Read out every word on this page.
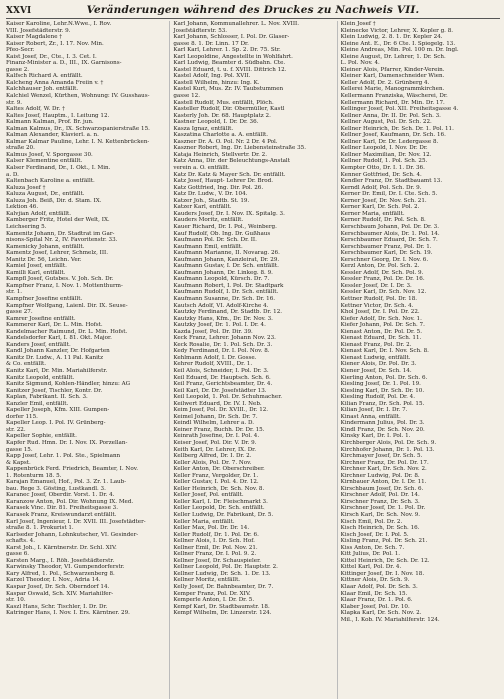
XXVI	Veränderungen während des Druckes zu Nachweis VII.
Kaiser Karoline, Lehr.N.Wwe., I. Rov.
VIII. Josefstädterstr. 9.
Kaiser Magdalene †
Kaiser Robert, Zr., I. 17. Nov. Min.
Pfeo-Secr.
Kaist Josef, Dr., Cte., I. 3. Cet. I.
Finanz-Minister a. D., III., IX. Garnisons-
gasse 2.
Kalfsch Richard A. entfällt.
Kalcheng Anna Amanda Freiin v. †
Kalchhauser Joh. entfällt.
Kalchiel Wenzel, Kürthen, Wohnung: IV. Gusshaus-
str. 9.
Kaltes Adolf, W. Dr. †
Kaltes Josef, Hauptm., I. Leitung 12.
Kalmann Kalman, Prof. Br. jun.
Kalman Kalmus, Dr., IX. Schwarzspanierstraße 15.
Kalman Alexander, Klavierl. a. n.
Kalmar Kalmar Pauline, Lehr. I. N. Kettenbrücken-
straße 20.
Kalmus Josef, V. Sporgasse 30.
Kalser Klementine entfällt.
Kalser Ferdinand, Dr., I. Okt., I. Min.
a. D.
Kaltenbach Karoline a. entfällt.
Kaluza Josef †
Kaluza August, Dr., entfällt.
Kaluza Joh. Beiß, Dir. d. Stam. IX.
Lektion 46.
Kalvjian Adolf, entfällt.
Kamberger Fritz, Hotel der Welt, IX.
Leichsering 5.
Kamenitz Johann, Dr. Stadtrat im Gar-
nisons-Spital Nr. 2, IV. Favoritenstr. 33.
Kamenicky Johann, entfällt.
Kamentz Josef, Lehrer, Schmelz, III.
Manitz Dr. 56, Leichn. Ver.
Kamiel Josef, entfällt.
Kamilli Karl, entfällt.
Kampfl Josef, Gutsbes. V. Joh. Sch. Dr.
Kampfner Franz, I. Nov. 1. Mottenthurm-
str. 1.
Kampfner Josefine entfällt.
Kampfner Wolfgang, Laienl. Dir. IX. Seuse-
gasse 27.
Kamrer Josefine entfällt.
Kammerer Karl, Dr. L. Min. Hofst.
Kandelmacher Raimund, Dr. L. Min. Hofst.
Kandelsdorfer Karl, I. 81. Okt. Major.
Kanders Josef, entfällt.
Kandl Johann Kanzler, Dr. Hofgarten
Kanitz Dr. Ludw., A. 11 Pal. Kanitz
& Co. entfällt.
Kanitz Karl, Dr. Min. Mariahilferstr.
Kanitz Leopold, entfällt.
Kanitz Sigmund, Kohlen-Händler, hinzu: AG
Kanitzer Josef, Tischler, Kontr. Dr.
Kaplan, Fabrikant. II. Sch. 3.
Kanzler Emil, entfällt.
Kapeller Joseph, Kfm. XIII. Gumpen-
dorfer 115.
Kapeller Leop. I. Pol. IV. Grünberg-
str. 22.
Kapeller Sophie, entfällt.
Kapfer Rud. Hmn. Dr. I. Nov. IX. Porzellan-
gasse 15.
Kapp Josef, Lehr. 1. Pol. Ste., Spielmann
& Kapst.
Kappenbrück Ferd. Friedrich, Beamter, I. Nov.
1. Rotenturm 18. 5.
Karajan Emanuel, Hof., Pol. 3. Zr. 1. Laub-
bau. Rege 3. Gösting, Lustkandl. 3.
Karanec Josef, Oberdir. Vorst. 1. Dr. 4.
Karanzow Anton, Pol. Dir. Wohnung IX. Med.
Karasek Vinc. Dir. 81. Freiheitsgasse 3.
Karasek Franz, Kreiswundarzt entfällt.
Karl Josef, Ingenieur, I. Dr. XVII. III. Josefstädter-
straße 8. 1. Prokurist 1.
Karlseder Johann, Lohnkutscher, VI. Gesinder-
schafts. 4.
Karst Joh., I. Kärntnerstr. Dr. Schl. XIV.
gasse 6.
Karsten Marg., I. Röh. Josefstädterstr.
Karwinsky Theodor, VI. Gumpendorferstr.
Kary Alfred, 1. Pol., Schwarzenberg 8.
Karzel Theodor, I. Nov., Adria 14.
Kaspar Josef, Dr. Sch. Oberndorf 14.
Kaspar Oswald, Sch. XIV. Mariahilfer-
str. 10.
Kaszl Hans, Schr. Tischler, I. Dr. Dr.
Katringer Hans, I. Nov. I. Ers. Kärntner. 29.
Karl Johann, Kommunallehrer. L. Nov. XVIII.
Josefstädterstr. 53.
Karl Johann, Schlosser, I. Pol. Dr. Glaser-
gasse 8. 1. Dr. Linn. 17 Dr.
Karl Karl, Lehrer. 1. Sp. 2. Dr. 75. Str.
Karl Leopoldine, Angestellte in Wohlfahrt.
Karl Ludwig, Beamter d. Südbahn. Cte.
Kastel Eduard, t. u. f. XVIII. Dittrich 12.
Kastel Adolf, Ing. Pol. XVII.
Kastell Wilhelm, hinzu: Ing. K.
Kastel Kurt, Mus. Zr. IV. Taubstummen
gasse 12.
Kastell Rudolf, Mus. entfällt, Plöch.
Kasteller Rudolf, Dir. Obermüller, Kastl
Kasterly Joh. Dr. 68. Hauptplatz 2.
Kastner Leopold, I. Dr. Dr. 36.
Kasza Ignaz, entfällt.
Kaszatina Charlotte a. A. entfällt.
Kaszner Dr. A. O. Pol. Nr. 2 Dr. 4 Pol.
Kaszner Robert, Ing. Dr. Liebensteinstraße 35.
Kataja Heinrich, Stellvertr. Dr. 2.
Katz Anna, Dir. der Beleuchtungs-Anstalt
verein a. O. entfällt.
Katz Dr. Katz & Mayer Sch. Dr. entfällt.
Katz Josef, Haupt- Lehrer Dr. Brod.
Katz Gottfried, Ing. Dir. Pol. 26.
Katz Dr. Ludw., V. Dr. 104.
Katzer Joh., Stadtb. St. 19.
Katzer Karl, entfällt.
Kauders Josef, Dr. I. Nov. IX. Spitalg. 3.
Kauders Moritz, entfällt.
Kauer Richard, Dr. I. Pol., Weinberg.
Kauf Rudolf, Ob. Ing. Dr. Gußhaus
Kaufmann Pol. Dr. Sch. Dr. II.
Kaufmann Emil, entfällt.
Kaufmann Marianne, II. Novarag. 26.
Kaufmann Johann, Kanzleirat, Dr. 29.
Kaufmann Gustav, I. Dr. Sch. entfällt.
Kaufmann Johann, Dr. Linkeg. 8. 9.
Kaufmann Leopold, Kürsch. Dr. 7.
Kaufmann Robert, I. Pol. Dr. Stadtpark
Kaufmann Rudolf, I. Dr. Sch. entfällt.
Kaufmann Susanne, Dr. Sch. Dr. 16.
Kautsch Adolf, VI. Adolf-Kirche 4.
Kautzky Ferdinand, Dr. Stadtb. Dr. 12.
Kautzky Hans, Kfm., Dr. Dr. Nov. 3.
Kautzky Josef, Dr. 1. Pol. I. Dr. 4.
Kazda Josef, Pol. Dr. Dir. 39.
Keck Franz, Lehrer. Johann Nov. 23.
Keck Rosalie, Dr. 1. Pol. Sch. Dr. 3.
Kedy Ferdinand, Dr. I. Pol. Nov. 8.
Kehlmann Adolf, I. Dr. Gosse.
Kehrer Rudolf, XVIII., Dr. 1.
Keil Alois, Schneider, I. Pol. Dr. 3.
Keil Eduard, Dr. Hauptsch. Sch. 6.
Keil Franz, Gerichtsbeamter, Dr. 4.
Keil Karl, Dr. Dr. Josefstädter 13.
Keil Leopold, 1. Pol. Dr. Schuhmacher.
Keilwert Eduard, Dr. IV. I. Neb.
Keim Josef, Pol. Dr. XVIII., Dr. 12.
Keimel Johann, Dr. Sch. Dr. 7.
Keindl Wilhelm, Lehrer a. D.
Keiner Franz, Buchh. Dr. Dr. 15.
Keinrath Josefine, Dr. I. Pol. 4.
Keiser Josef, Pol. Dir. V. Dr. 9.
Keith Karl, Dr. Lehrer, IX. Dr.
Kellberg Alfred, Dr. I. Dr. 2.
Keller Alois, Pol. Dr. 7. Nov.
Keller Anton, Dr. Oberschreiber.
Keller Franz, Vergolder, Dr. 1.
Keller Gustav, I. Pol. 4. Dr. 12.
Keller Heinrich, Dr. Sch. Nov. 8.
Keller Josef, Pol. entfällt.
Keller Karl, I. Dr. Fleischmarkt 3.
Keller Leopold, Dr. Sch. entfällt.
Keller Ludwig, Dr. Fabrikant, Dr. 5.
Keller Maria, entfällt.
Keller Max, Pol. Dr. Dr. 14.
Keller Rudolf, Dr. 1. Pol. Dr. 6.
Kellner Alois, I. Dr. Sch. Hof.
Kellner Emil, Dr. Pol. Nov. 21.
Kellner Franz, Dr. I. Pol. 9. 2.
Kellner Josef, Dr. Schauspieler.
Kellner Leopold, Pol. Dr. Hauptstr. 2.
Kellner Ludwig, Dr. Sch. 1. Dr. 13.
Kellner Moritz, entfällt.
Kelly Josef, Dr. Bahnbeamter, Dr. 7.
Kemper Franz, Pol. Dr. XIV.
Kemperle Anton, I. Dr. Dr. 5.
Kempf Karl, Dr. Stadtbaumstr. 18.
Kempf Wilhelm, Dr. Linzerstr. 124.
Klein Josef †
Kleinecke Victor, Lehrer, X. Kepler g. 8.
Klein Ludwig, 2. 8. 1. Dr. Kepler 24.
Kleine Ant. E., Dr. 6 Cte. I. Spiegelg. 13.
Kleine Andreas, Min. Pol. 100 m. Dr. Ingl.
Kleine August, Dr. Lehrer, 1. Dr. Sch.
L. Pol. Nov. 4.
Kleiner Alois, Pfarrer, Kinder-Verein.
Kleiner Karl, Damenschneider Wien.
Keller Adolf, Dr. 2. Grünberg 4.
Kellerei Marie, Manogrammkirchen.
Kellermann Franziska, Wäscherei, Dr.
Kellermann Richard, Dr. Min. Dr. 17.
Kellinger Josef, Pol. XII. Freiheitsgasse 4.
Kellner Anna, Dr. II. Dr. Pol. Sch. 3.
Kellner August, Pol. Dr. Sch. 22.
Kellner Heinrich, Dr. Sch. Dr. 1. Pol. 11.
Kellner Josef, Kaufmann, Dr. Sch. 16.
Kellner Karl, Dr. Dr. Ledergasse 8.
Kellner Leopold, I. Nov. Dr. Dr.
Kellner Maximilian, Dr. Nov. 12.
Kellner Rudolf, 1. Pol. Sch. 25.
Kempter Otto, Dr. I. 1. Dr. 36.
Kenner Gottfried, Dr. Sch. 4.
Kendler Franz, Dr. Stadtbauamt 13.
Kerndl Adolf, Pol. Sch. Dr. 9.
Kerner Dr. Emil, Dr. I. Cte. Sch. 5.
Kerner Josef, Dr. Nov. Sch. 21.
Kerner Karl, Dr. Sch. Pol. 2.
Kerner Maria, entfällt.
Kerner Rudolf, Dr. Pol. Sch. 8.
Kerschbaum Johann, Pol. Dr. Dr. 3.
Kerschbaumer Alois, Dr. 1. Pol. 14.
Kerschbaumer Eduard, Dr. Sch. 7.
Kerschbaumer Franz, Pol. Dr. 1.
Kerschbaumer Karl, Dr. Sch. 19.
Kerschner Georg, Dr. I. Nov. 6.
Kerzl Anton, Dr. Pol. Sch. 2.
Kessler Adolf, Dr. Sch. Pol. 9.
Kessler Franz, Pol. Dr. Dr. 16.
Kessler Josef, Dr. I. Dr. 3.
Kessler Karl, Dr. Sch. Nov. 12.
Kettner Rudolf, Pol. Dr. 18.
Kettner Victor, Dr. Sch. 4.
Khol Josef, Dr. I. Pol. Dr. 22.
Kiefer Adolf, Dr. Sch. Nov. 1.
Kiefer Johann, Pol. Dr. Sch. 7.
Kienast Anton, Dr. Pol. Dr. 5.
Kienast Eduard, Dr. Sch. 11.
Kienast Franz, Pol. Dr. 2.
Kienast Karl, Dr. I. Nov. Sch. 8.
Kienast Ludwig, entfällt.
Kiener Alois, Dr. Pol. Dr. 3.
Kiener Josef, Dr. Sch. 14.
Kierling Anton, Pol. Dr. Sch. 6.
Kiesling Josef, Dr. 1. Pol. 19.
Kiesling Karl, Dr. Sch. Dr. 10.
Kiesling Rudolf, Pol. Dr. 4.
Kilian Franz, Dr. Sch. Pol. 15.
Kilian Josef, Dr. I. Dr. 7.
Kinast Anna, entfällt.
Kindermann Julius, Pol. Dr. 3.
Kindl Franz, Dr. Sch. Nov. 20.
Kinsky Karl, Dr. I. Pol. 1.
Kirchberger Alois, Pol. Dr. Sch. 9.
Kirchhofer Johann, Dr. 1. Pol. 13.
Kirchmayer Josef, Dr. Sch. 5.
Kirchner Franz, Dr. Pol. Dr. 17.
Kirchner Karl, Dr. Sch. Nov. 2.
Kirchner Ludwig, Pol. Dr. 8.
Kirnbauer Anton, Dr. I. Dr. 11.
Kirschbaum Josef, Dr. Sch. 6.
Kirschner Adolf, Pol. Dr. 14.
Kirschner Franz, Dr. Sch. 3.
Kirschner Josef, Dr. 1. Pol. Dr.
Kirsch Karl, Dr. Sch. Nov. 9.
Kisch Emil, Pol. Dr. 2.
Kisch Heinrich, Dr. Sch. 16.
Kisch Josef, Dr. I. Pol. 5.
Kisling Franz, Pol. Dr. Sch. 21.
Kiss Anton, Dr. Sch. 7.
Kitt Julius, Dr. Pol. 1.
Kittel Heinrich, Dr. Sch. Dr. 12.
Kittel Karl, Pol. Dr. 4.
Kittinger Josef, Dr. I. Nov. 18.
Kittner Alois, Dr. Sch. 9.
Klaar Adolf, Pol. Dr. Sch. 3.
Klaar Emil, Dr. Sch. 15.
Klaar Franz, Dr. 1. Pol. 6.
Klaber Josef, Pol. Dr. 10.
Klapka Karl, Dr. Sch. Nov. 2.
Mil., I. Kob. IV. Mariahilferstr. 124.
